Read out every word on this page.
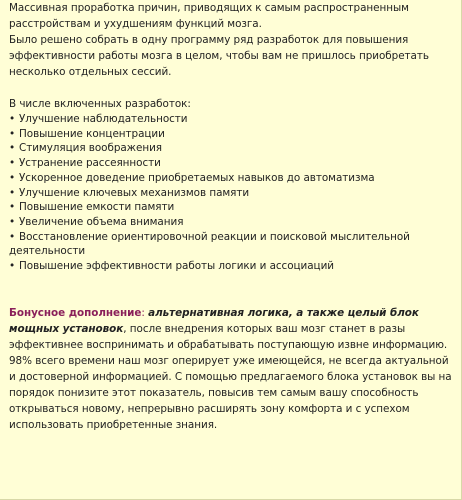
Массивная проработка причин, приводящих к самым распространенным расстройствам и ухудшениям функций мозга.

Было решено собрать в одну программу ряд разработок для повышения эффективности работы мозга в целом, чтобы вам не пришлось приобретать несколько отдельных сессий.

В числе включенных разработок:

• Улучшение наблюдательности
• Повышение концентрации
• Стимуляция воображения
• Устранение рассеянности
• Ускоренное доведение приобретаемых навыков до автоматизма
• Улучшение ключевых механизмов памяти
• Повышение емкости памяти
• Увеличение объема внимания
• Восстановление ориентировочной реакции и поисковой мыслительной деятельности
• Повышение эффективности работы логики и ассоциаций

Бонусное дополнение: альтернативная логика, а также целый блок мощных установок, после внедрения которых ваш мозг станет в разы эффективнее воспринимать и обрабатывать поступающую извне информацию. 98% всего времени наш мозг оперирует уже имеющейся, не всегда актуальной и достоверной информацией. С помощью предлагаемого блока установок вы на порядок понизите этот показатель, повысив тем самым вашу способность открываться новому, непрерывно расширять зону комфорта и с успехом использовать приобретенные знания.
